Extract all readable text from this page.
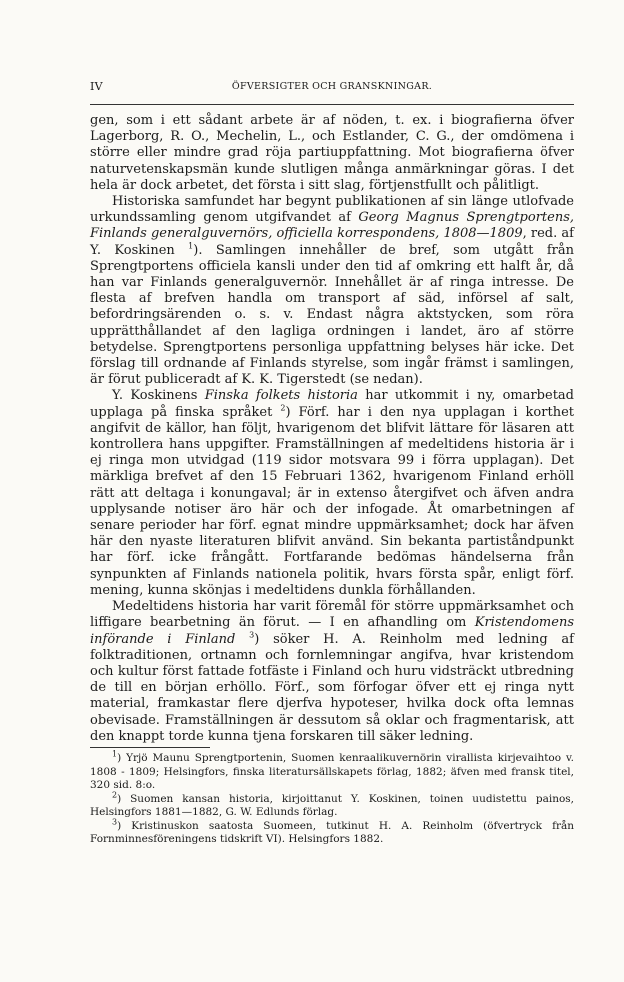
IV	ÖFVERSIGTER OCH GRANSKNINGAR.

gen, som i ett sådant arbete är af nöden, t. ex. i biografierna öfver Lagerborg, R. O., Mechelin, L., och Estlander, C. G., der omdömena i större eller mindre grad röja partiuppfattning. Mot biografierna öfver naturvetenskapsmän kunde slutligen många anmärkningar göras. I det hela är dock arbetet, det första i sitt slag, förtjenstfullt och pålitligt.

Historiska samfundet har begynt publikationen af sin länge utlofvade urkundssamling genom utgifvandet af Georg Magnus Sprengtportens, Finlands generalguvernörs, officiella korrespondens, 1808—1809, red. af Y. Koskinen $^1$). Samlingen innehåller de bref, som utgått från Sprengtportens officiela kansli under den tid af omkring ett halft år, då han var Finlands generalguvernör. Innehållet är af ringa intresse. De flesta af brefven handla om transport af säd, införsel af salt, befordringsärenden o. s. v. Endast några aktstycken, som röra upprätthållandet af den lagliga ordningen i landet, äro af större betydelse. Sprengtportens personliga uppfattning belyses här icke. Det förslag till ordnande af Finlands styrelse, som ingår främst i samlingen, är förut publiceradt af K. K. Tigerstedt (se nedan).

Y. Koskinens Finska folkets historia har utkommit i ny, omarbetad upplaga på finska språket $^2$) Förf. har i den nya upplagan i korthet angifvit de källor, han följt, hvarigenom det blifvit lättare för läsaren att kontrollera hans uppgifter. Framställningen af medeltidens historia är i ej ringa mon utvidgad (119 sidor motsvara 99 i förra upplagan). Det märkliga brefvet af den 15 Februari 1362, hvarigenom Finland erhöll rätt att deltaga i konungaval; är in extenso återgifvet och äfven andra upplysande notiser äro här och der infogade. Åt omarbetningen af senare perioder har förf. egnat mindre uppmärksamhet; dock har äfven här den nyaste literaturen blifvit använd. Sin bekanta partiståndpunkt har förf. icke frångått. Fortfarande bedömas händelserna från synpunkten af Finlands nationela politik, hvars första spår, enligt förf. mening, kunna skönjas i medeltidens dunkla förhållanden.

Medeltidens historia har varit föremål för större uppmärksamhet och liffigare bearbetning än förut. — I en afhandling om Kristendomens införande i Finland $^3$) söker H. A. Reinholm med ledning af folktraditionen, ortnamn och fornlemningar angifva, hvar kristendom och kultur först fattade fotfäste i Finland och huru vidsträckt utbredning de till en början erhöllo. Förf., som förfogar öfver ett ej ringa nytt material, framkastar flere djerfva hypoteser, hvilka dock ofta lemnas obevisade. Framställningen är dessutom så oklar och fragmentarisk, att den knappt torde kunna tjena forskaren till säker ledning.

$^1$) Yrjö Maunu Sprengtportenin, Suomen kenraalikuvernörin virallista kirjevaihtoo v. 1808 - 1809; Helsingfors, finska literatursällskapets förlag, 1882; äfven med fransk titel, 320 sid. 8:o.

$^2$) Suomen kansan historia, kirjoittanut Y. Koskinen, toinen uudistettu painos, Helsingfors 1881—1882, G. W. Edlunds förlag.

$^3$) Kristinuskon saatosta Suomeen, tutkinut H. A. Reinholm (öfvertryck från Fornminnesföreningens tidskrift VI). Helsingfors 1882.
